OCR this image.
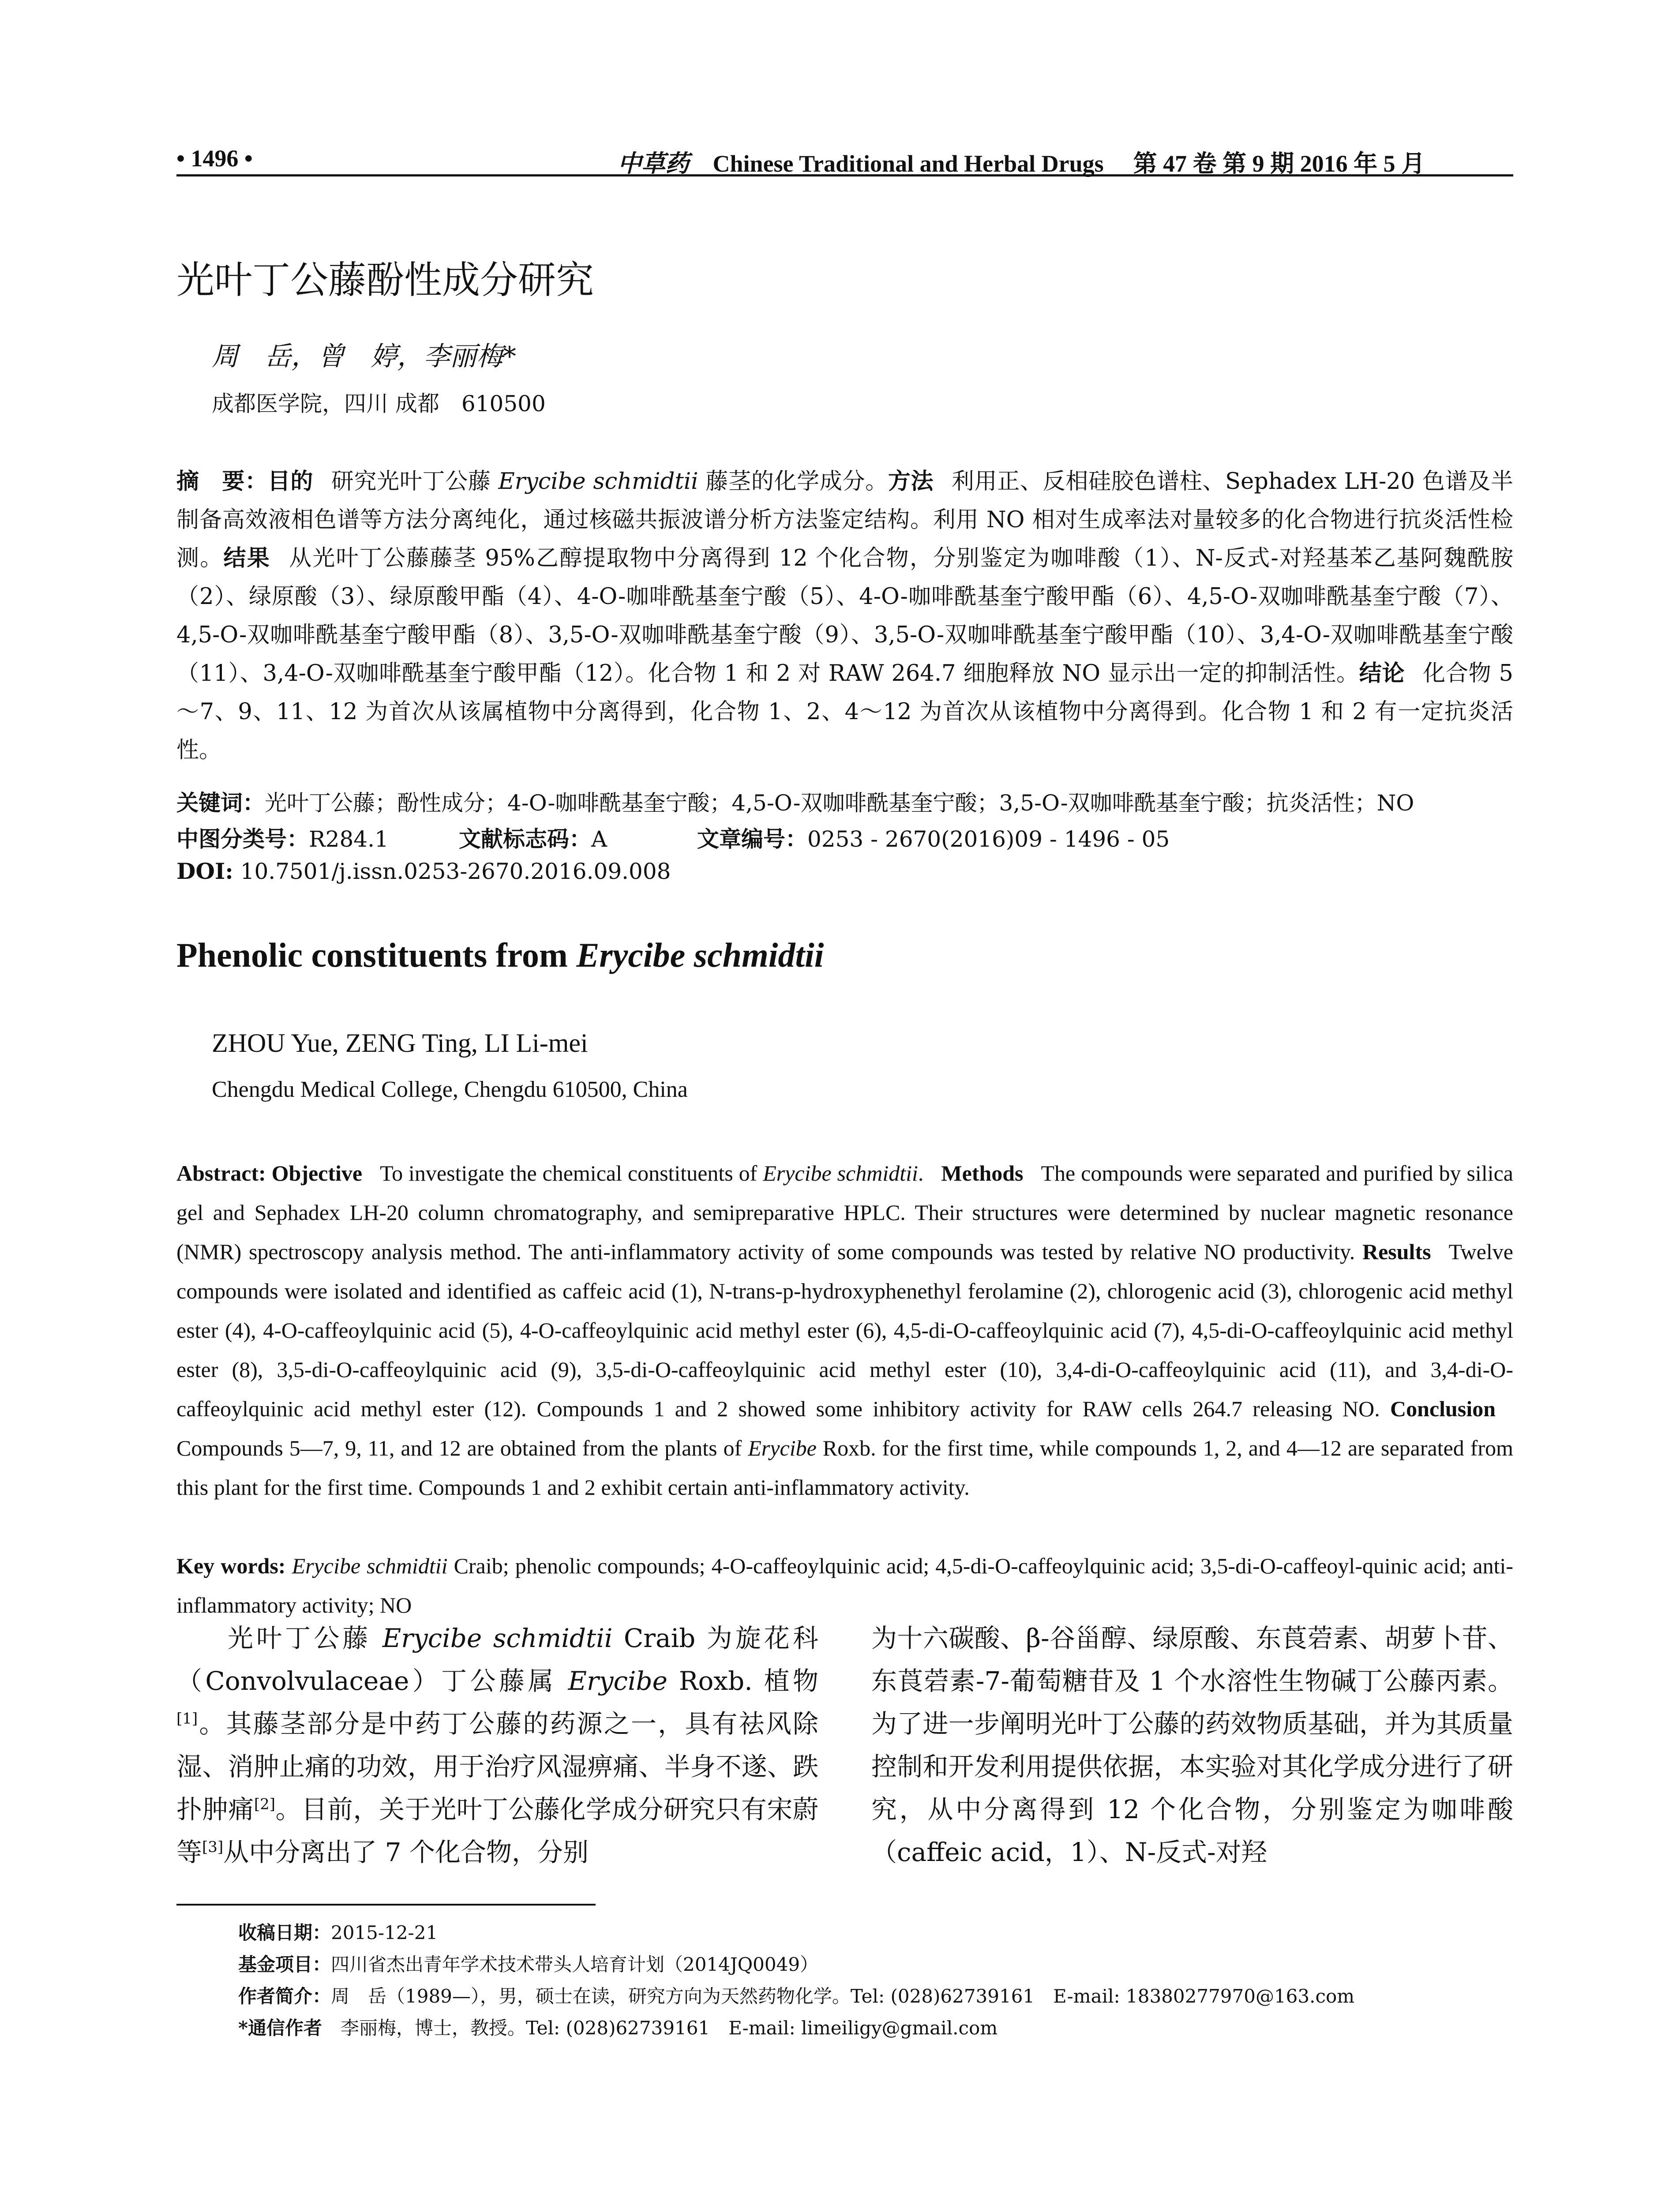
• 1496 •	中草药 Chinese Traditional and Herbal Drugs 第 47 卷 第 9 期 2016 年 5 月
光叶丁公藤酚性成分研究
周　岳，曾　婷，李丽梅*
成都医学院，四川 成都　610500
摘　要：目的 研究光叶丁公藤 Erycibe schmidtii 藤茎的化学成分。方法 利用正、反相硅胶色谱柱、Sephadex LH-20 色谱及半制备高效液相色谱等方法分离纯化，通过核磁共振波谱分析方法鉴定结构。利用 NO 相对生成率法对量较多的化合物进行抗炎活性检测。结果 从光叶丁公藤藤茎 95%乙醇提取物中分离得到 12 个化合物，分别鉴定为咖啡酸（1）、N-反式-对羟基苯乙基阿魏酰胺（2）、绿原酸（3）、绿原酸甲酯（4）、4-O-咖啡酰基奎宁酸（5）、4-O-咖啡酰基奎宁酸甲酯（6）、4,5-O-双咖啡酰基奎宁酸（7）、4,5-O-双咖啡酰基奎宁酸甲酯（8）、3,5-O-双咖啡酰基奎宁酸（9）、3,5-O-双咖啡酰基奎宁酸甲酯（10）、3,4-O-双咖啡酰基奎宁酸（11）、3,4-O-双咖啡酰基奎宁酸甲酯（12）。化合物 1 和 2 对 RAW 264.7 细胞释放 NO 显示出一定的抑制活性。结论 化合物 5～7、9、11、12 为首次从该属植物中分离得到，化合物 1、2、4～12 为首次从该植物中分离得到。化合物 1 和 2 有一定抗炎活性。
关键词：光叶丁公藤；酚性成分；4-O-咖啡酰基奎宁酸；4,5-O-双咖啡酰基奎宁酸；3,5-O-双咖啡酰基奎宁酸；抗炎活性；NO
中图分类号：R284.1	文献标志码：A	文章编号：0253 - 2670(2016)09 - 1496 - 05
DOI: 10.7501/j.issn.0253-2670.2016.09.008
Phenolic constituents from Erycibe schmidtii
ZHOU Yue, ZENG Ting, LI Li-mei
Chengdu Medical College, Chengdu 610500, China
Abstract: Objective To investigate the chemical constituents of Erycibe schmidtii. Methods The compounds were separated and purified by silica gel and Sephadex LH-20 column chromatography, and semipreparative HPLC. Their structures were determined by nuclear magnetic resonance (NMR) spectroscopy analysis method. The anti-inflammatory activity of some compounds was tested by relative NO productivity. Results Twelve compounds were isolated and identified as caffeic acid (1), N-trans-p-hydroxyphenethyl ferolamine (2), chlorogenic acid (3), chlorogenic acid methyl ester (4), 4-O-caffeoylquinic acid (5), 4-O-caffeoylquinic acid methyl ester (6), 4,5-di-O-caffeoylquinic acid (7), 4,5-di-O-caffeoylquinic acid methyl ester (8), 3,5-di-O-caffeoylquinic acid (9), 3,5-di-O-caffeoylquinic acid methyl ester (10), 3,4-di-O-caffeoylquinic acid (11), and 3,4-di-O-caffeoylquinic acid methyl ester (12). Compounds 1 and 2 showed some inhibitory activity for RAW cells 264.7 releasing NO. ConclusionCompounds 5—7, 9, 11, and 12 are obtained from the plants of Erycibe Roxb. for the first time, while compounds 1, 2, and 4—12 are separated from this plant for the first time. Compounds 1 and 2 exhibit certain anti-inflammatory activity.
Key words: Erycibe schmidtii Craib; phenolic compounds; 4-O-caffeoylquinic acid; 4,5-di-O-caffeoylquinic acid; 3,5-di-O-caffeoyl-quinic acid; anti-inflammatory activity; NO
光叶丁公藤 Erycibe schmidtii Craib 为旋花科（Convolvulaceae）丁公藤属 Erycibe Roxb. 植物[1]。其藤茎部分是中药丁公藤的药源之一，具有祛风除湿、消肿止痛的功效，用于治疗风湿痹痛、半身不遂、跌扑肿痛[2]。目前，关于光叶丁公藤化学成分研究只有宋蔚等[3]从中分离出了 7 个化合物，分别
为十六碳酸、β-谷甾醇、绿原酸、东莨菪素、胡萝卜苷、东莨菪素-7-葡萄糖苷及 1 个水溶性生物碱丁公藤丙素。为了进一步阐明光叶丁公藤的药效物质基础，并为其质量控制和开发利用提供依据，本实验对其化学成分进行了研究，从中分离得到 12 个化合物，分别鉴定为咖啡酸（caffeic acid，1）、N-反式-对羟
收稿日期：2015-12-21
基金项目：四川省杰出青年学术技术带头人培育计划（2014JQ0049）
作者简介：周　岳（1989—），男，硕士在读，研究方向为天然药物化学。Tel: (028)62739161　E-mail: 18380277970@163.com
*通信作者　 李丽梅，博士，教授。Tel: (028)62739161　E-mail: limeiligy@gmail.com
